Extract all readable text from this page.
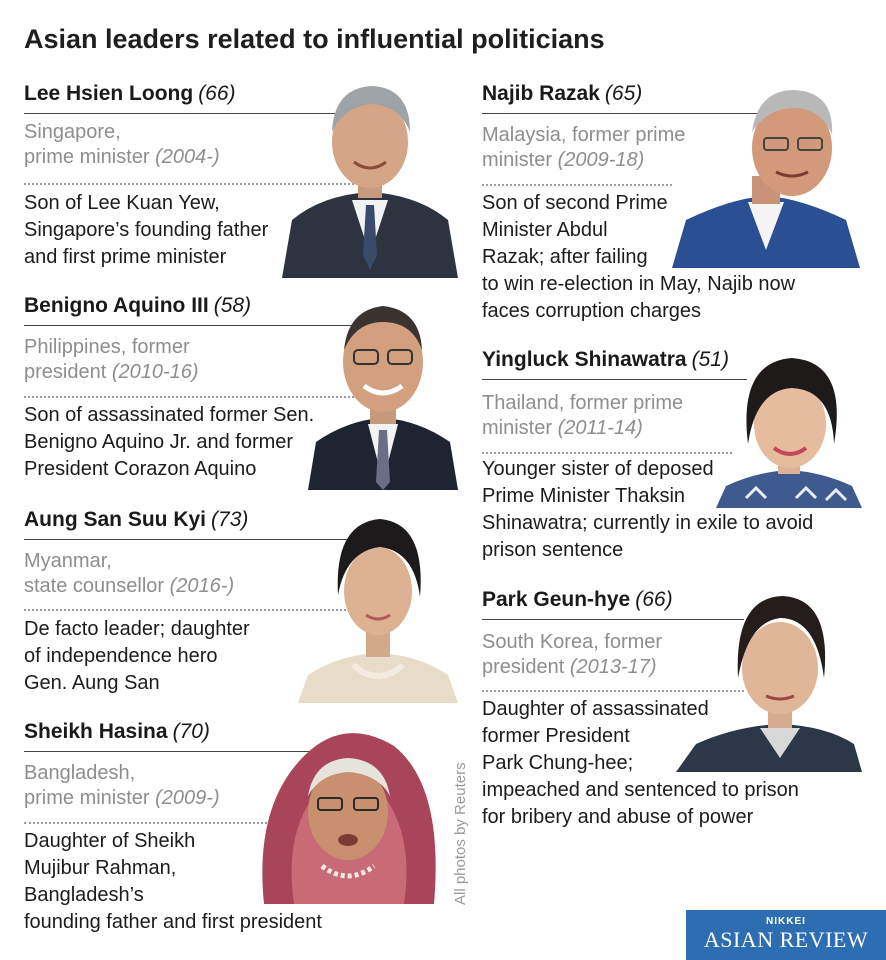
Asian leaders related to influential politicians
Lee Hsien Loong (66)
Singapore,
prime minister (2004-)
Son of Lee Kuan Yew,
Singapore’s founding father
and first prime minister
Benigno Aquino III (58)
Philippines, former
president (2010-16)
Son of assassinated former Sen.
Benigno Aquino Jr. and former
President Corazon Aquino
Aung San Suu Kyi (73)
Myanmar,
state counsellor (2016-)
De facto leader; daughter
of independence hero
Gen. Aung San
Sheikh Hasina (70)
Bangladesh,
prime minister (2009-)
Daughter of Sheikh
Mujibur Rahman,
Bangladesh’s
founding father and first president
Najib Razak (65)
Malaysia, former prime
minister (2009-18)
Son of second Prime
Minister Abdul
Razak; after failing
to win re-election in May, Najib now
faces corruption charges
Yingluck Shinawatra (51)
Thailand, former prime
minister (2011-14)
Younger sister of deposed
Prime Minister Thaksin
Shinawatra; currently in exile to avoid
prison sentence
Park Geun-hye (66)
South Korea, former
president (2013-17)
Daughter of assassinated
former President
Park Chung-hee;
impeached and sentenced to prison
for bribery and abuse of power
All photos by Reuters
NIKKEI
ASIAN REVIEW
